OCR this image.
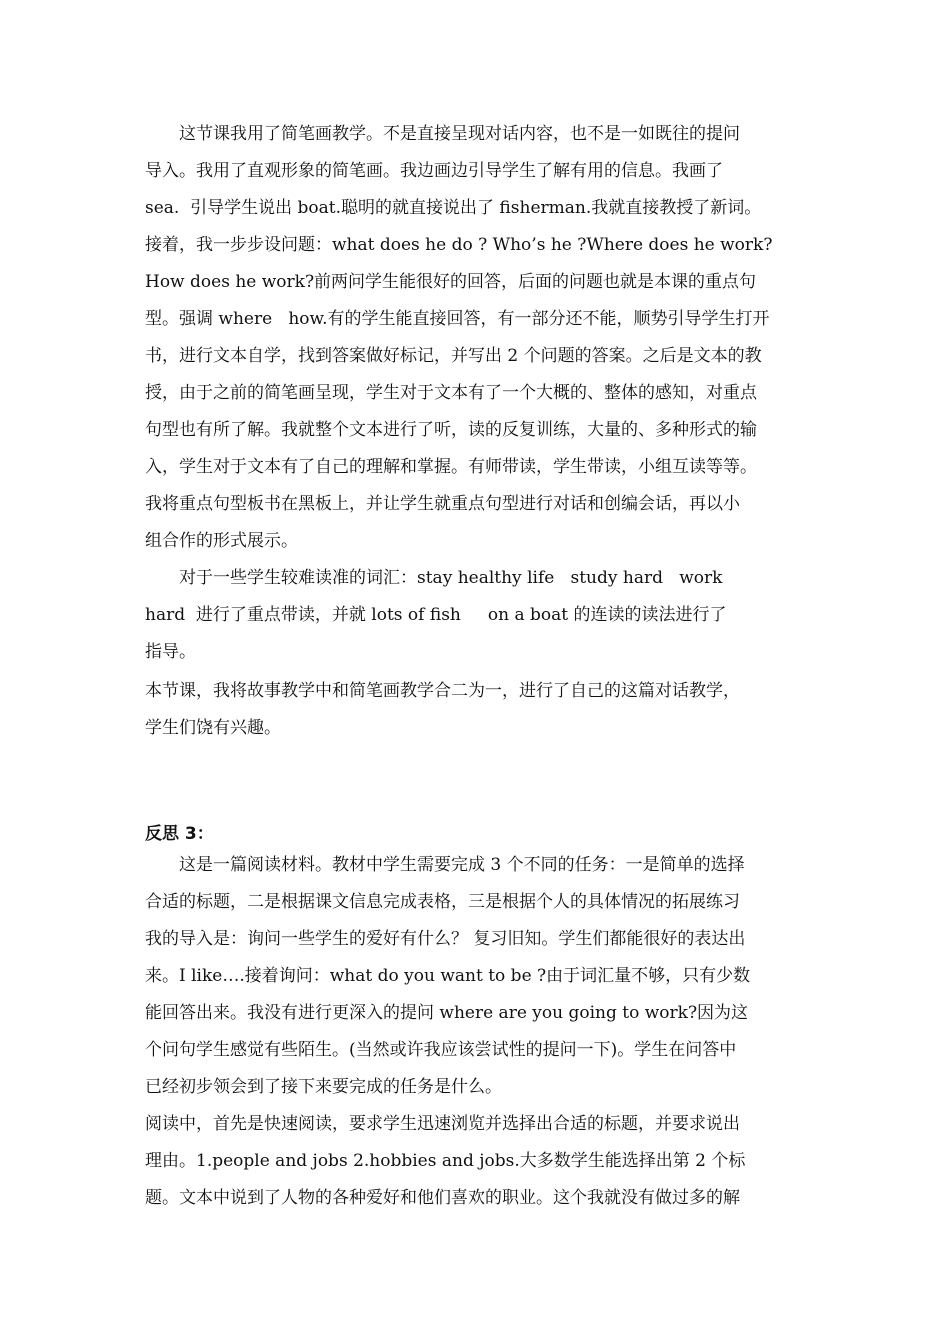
　　这节课我用了简笔画教学。不是直接呈现对话内容，也不是一如既往的提问
导入。我用了直观形象的简笔画。我边画边引导学生了解有用的信息。我画了
sea.  引导学生说出 boat.聪明的就直接说出了 fisherman.我就直接教授了新词。
接着，我一步步设问题：what does he do ? Who’s he ?Where does he work?
How does he work?前两问学生能很好的回答，后面的问题也就是本课的重点句
型。强调 where   how.有的学生能直接回答，有一部分还不能，顺势引导学生打开
书，进行文本自学，找到答案做好标记，并写出 2 个问题的答案。之后是文本的教
授，由于之前的简笔画呈现，学生对于文本有了一个大概的、整体的感知，对重点
句型也有所了解。我就整个文本进行了听，读的反复训练，大量的、多种形式的输
入，学生对于文本有了自己的理解和掌握。有师带读，学生带读，小组互读等等。
我将重点句型板书在黑板上，并让学生就重点句型进行对话和创编会话，再以小
组合作的形式展示。
　　对于一些学生较难读准的词汇：stay healthy life   study hard   work
hard  进行了重点带读，并就 lots of fish     on a boat 的连读的读法进行了
指导。
本节课，我将故事教学中和简笔画教学合二为一，进行了自己的这篇对话教学，
学生们饶有兴趣。
反思 3：
　　这是一篇阅读材料。教材中学生需要完成 3 个不同的任务：一是简单的选择
合适的标题，二是根据课文信息完成表格，三是根据个人的具体情况的拓展练习
我的导入是：询问一些学生的爱好有什么？ 复习旧知。学生们都能很好的表达出
来。I like….接着询问：what do you want to be ?由于词汇量不够，只有少数
能回答出来。我没有进行更深入的提问 where are you going to work?因为这
个问句学生感觉有些陌生。(当然或许我应该尝试性的提问一下)。学生在问答中
已经初步领会到了接下来要完成的任务是什么。
阅读中，首先是快速阅读，要求学生迅速浏览并选择出合适的标题，并要求说出
理由。1.people and jobs 2.hobbies and jobs.大多数学生能选择出第 2 个标
题。文本中说到了人物的各种爱好和他们喜欢的职业。这个我就没有做过多的解
